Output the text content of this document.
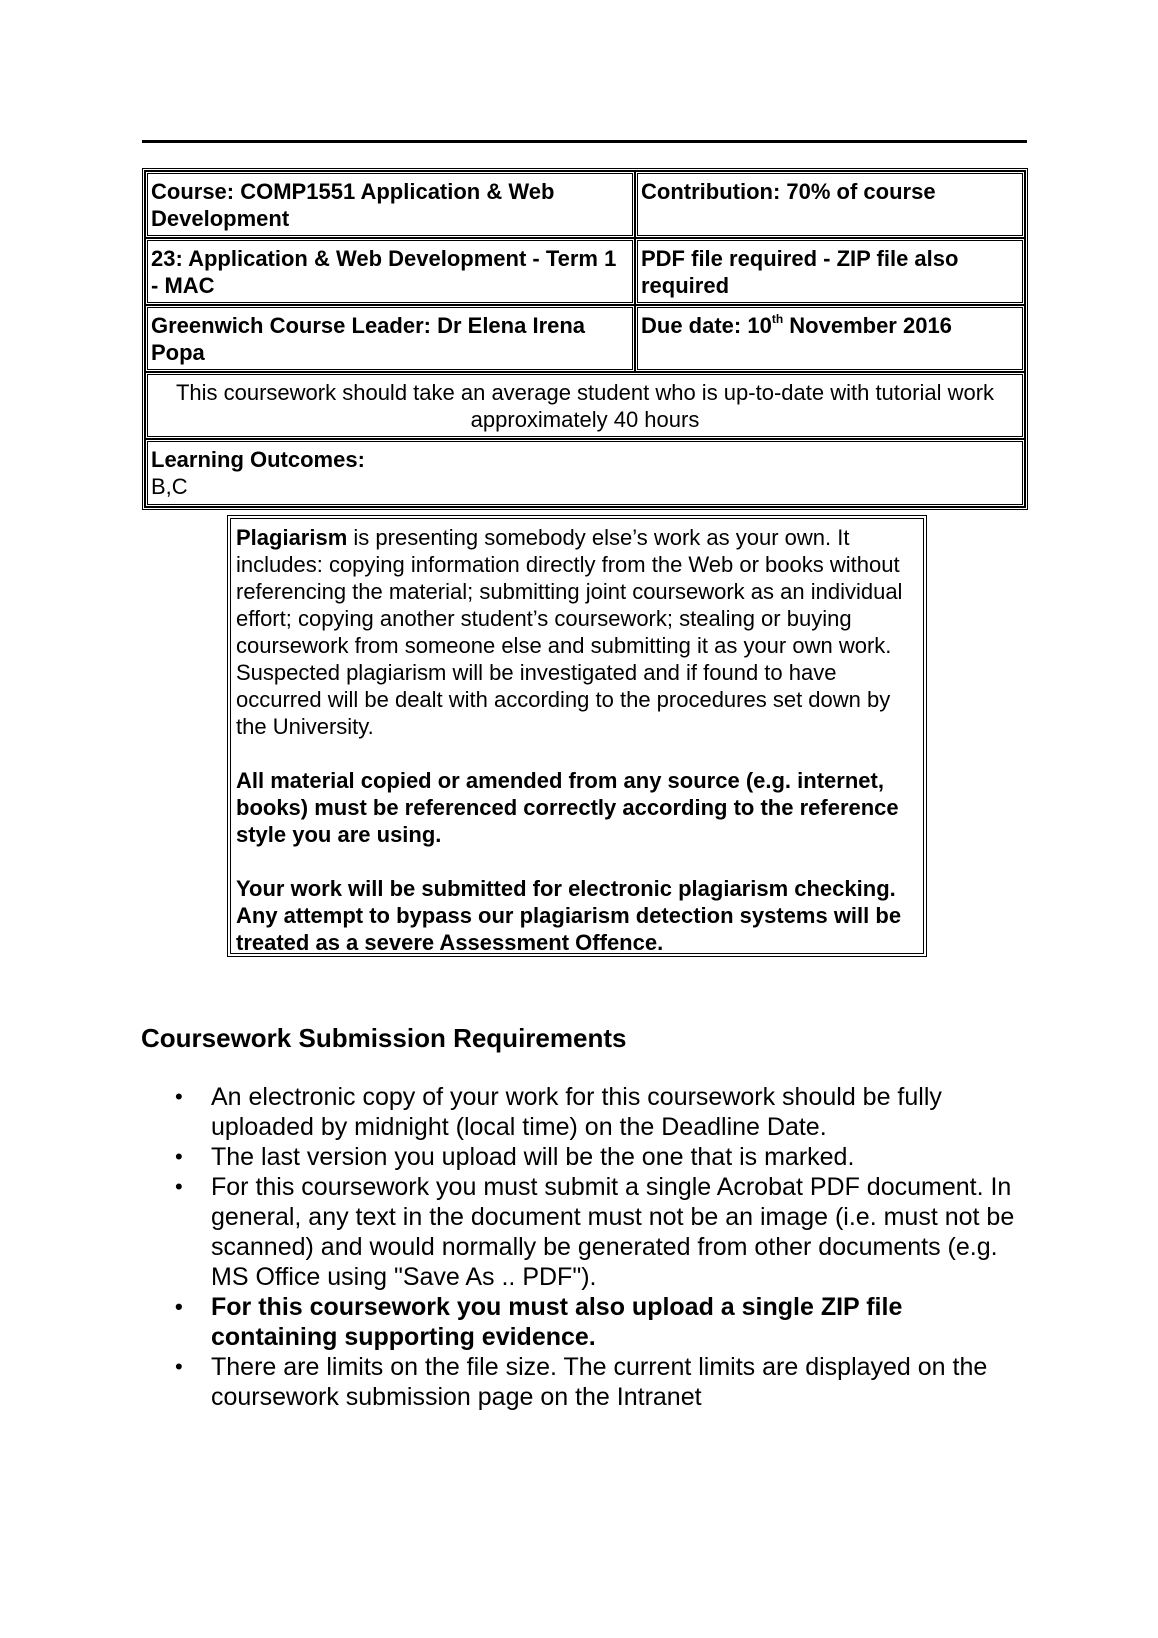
Course: COMP1551 Application & Web Development	Contribution: 70% of course
23: Application & Web Development - Term 1 - MAC	PDF file required - ZIP file also required
Greenwich Course Leader: Dr Elena Irena Popa	Due date: 10th November 2016
This coursework should take an average student who is up-to-date with tutorial work approximately 40 hours	

Learning Outcomes:
B,C	

Plagiarism is presenting somebody else’s work as your own. It includes: copying information directly from the Web or books without referencing the material; submitting joint coursework as an individual effort; copying another student’s coursework; stealing or buying coursework from someone else and submitting it as your own work. Suspected plagiarism will be investigated and if found to have occurred will be dealt with according to the procedures set down by the University.

All material copied or amended from any source (e.g. internet, books) must be referenced correctly according to the reference style you are using.

Your work will be submitted for electronic plagiarism checking. Any attempt to bypass our plagiarism detection systems will be treated as a severe Assessment Offence.

Coursework Submission Requirements
• An electronic copy of your work for this coursework should be fully uploaded by midnight (local time) on the Deadline Date.
• The last version you upload will be the one that is marked.
• For this coursework you must submit a single Acrobat PDF document. In general, any text in the document must not be an image (i.e. must not be scanned) and would normally be generated from other documents (e.g. MS Office using "Save As .. PDF").
• For this coursework you must also upload a single ZIP file containing supporting evidence.
• There are limits on the file size. The current limits are displayed on the coursework submission page on the Intranet
